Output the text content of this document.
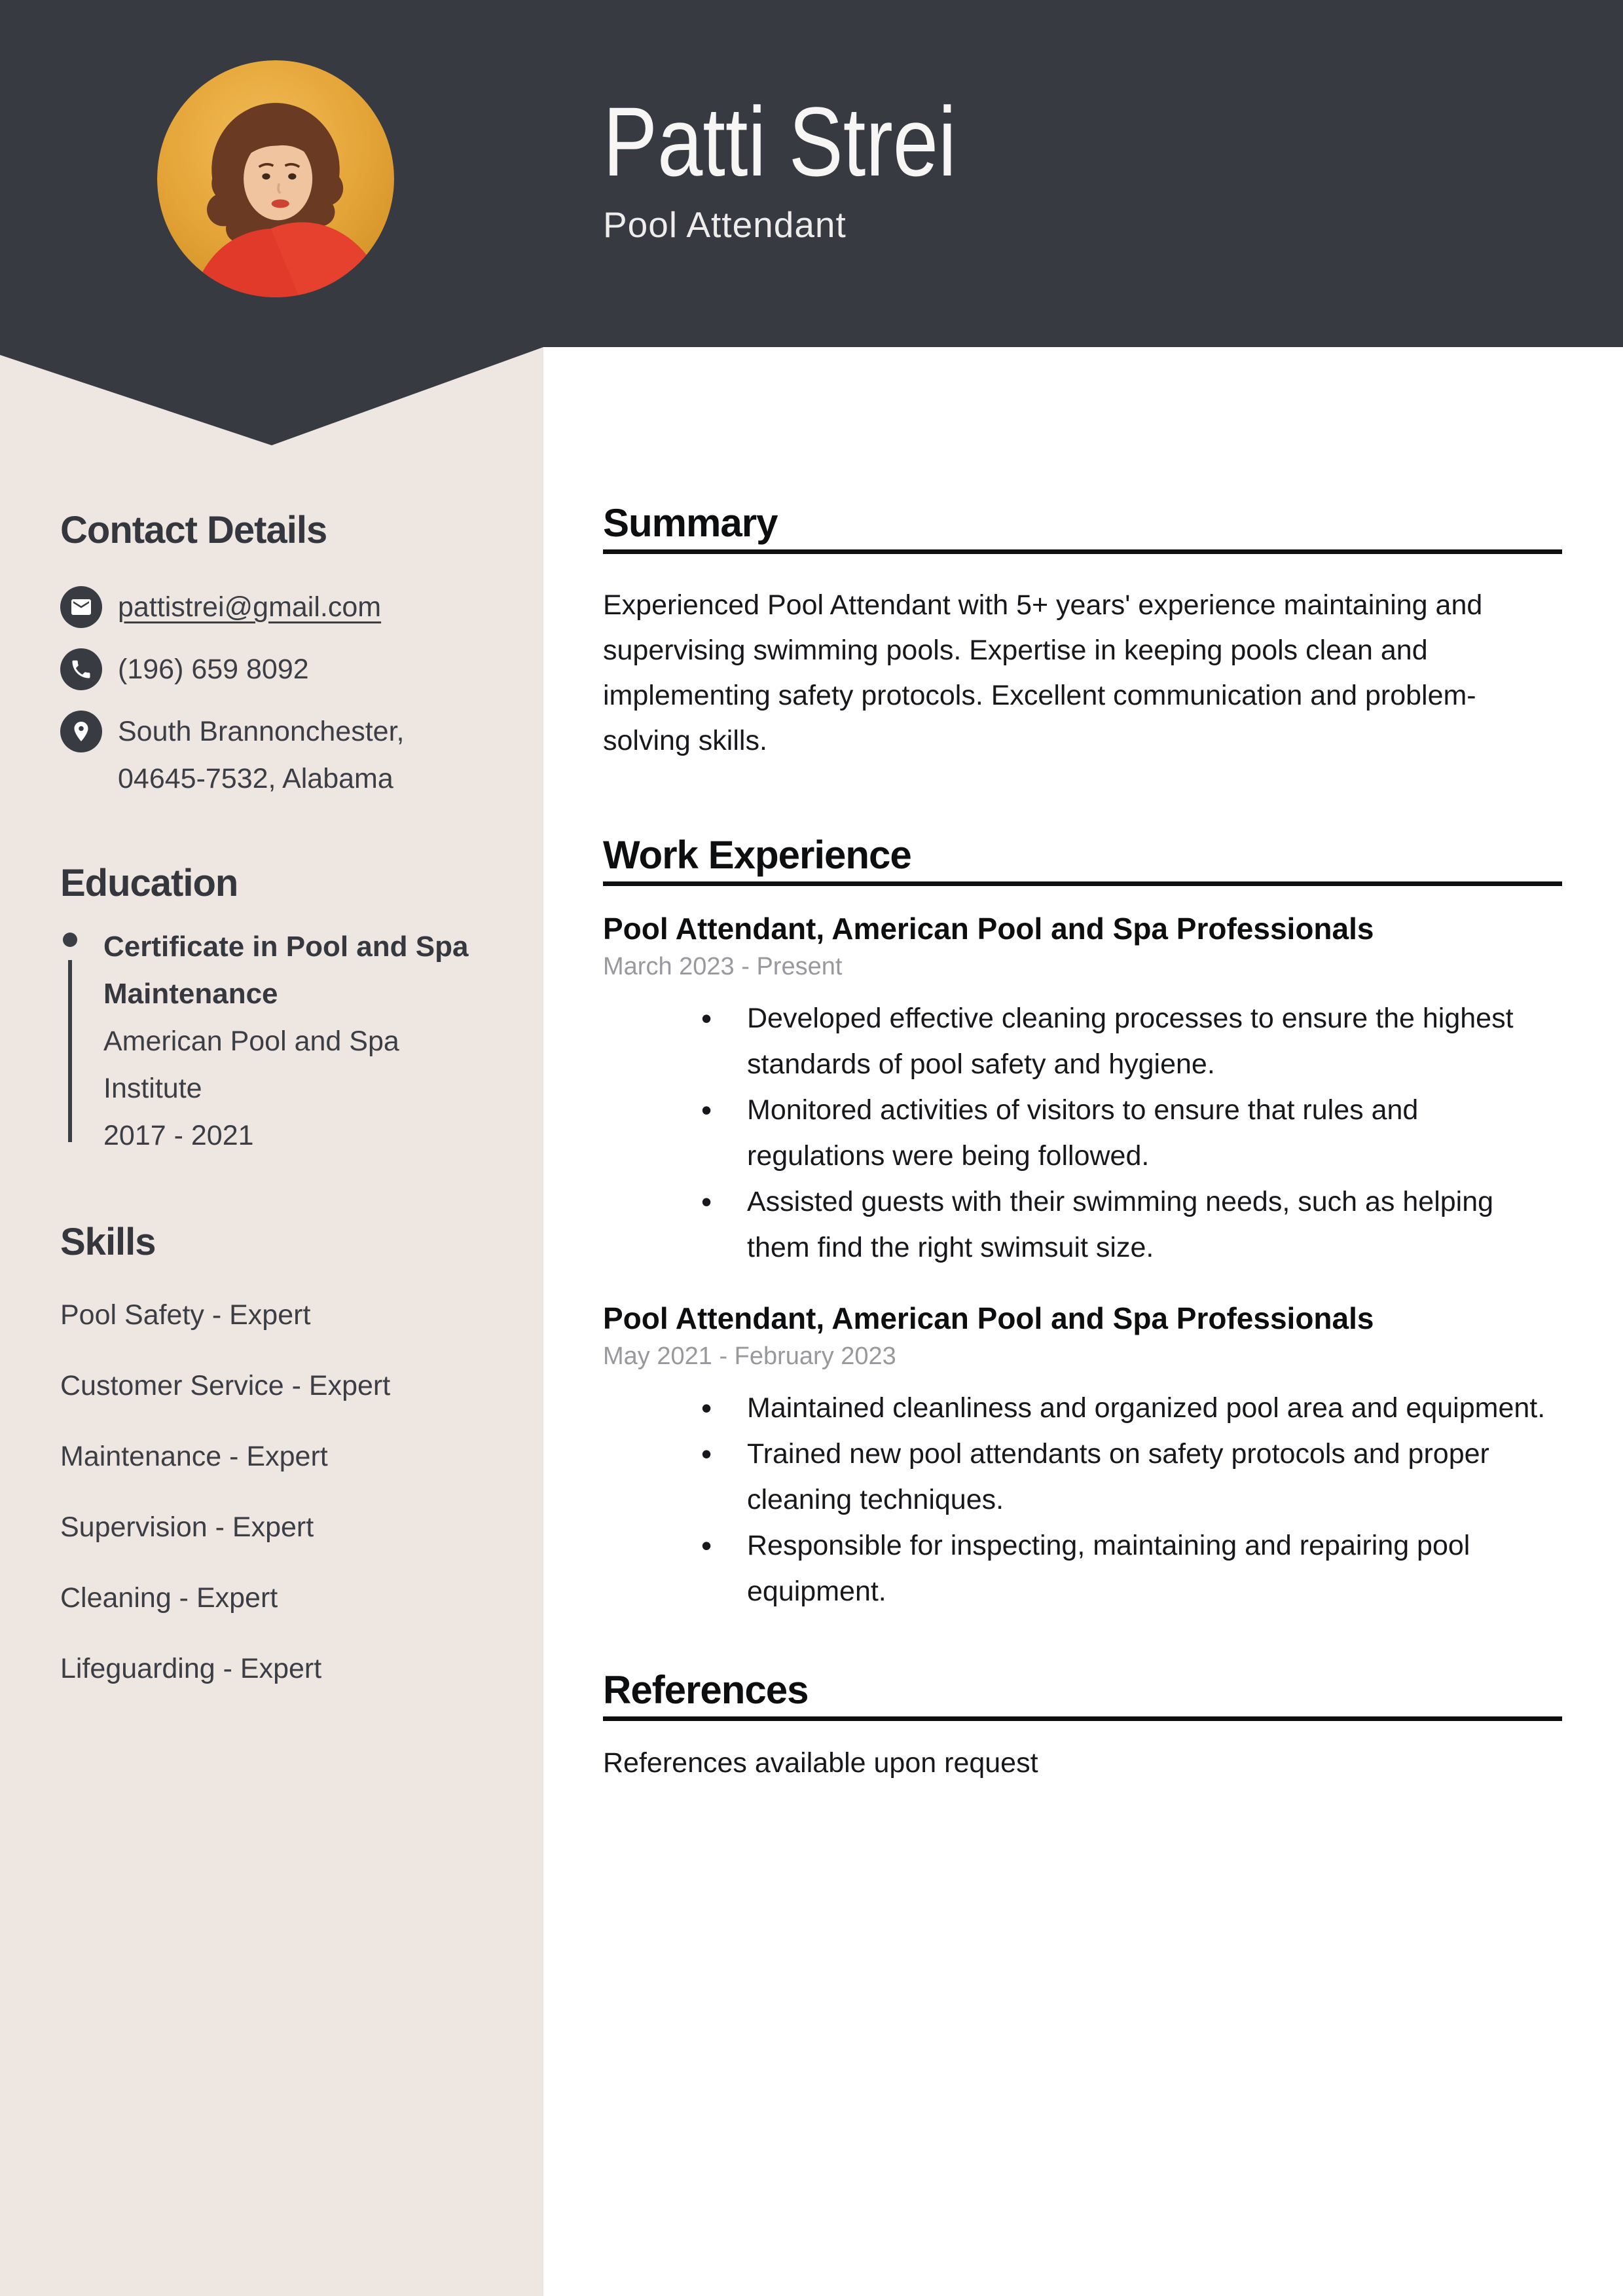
Patti Strei
Pool Attendant
Contact Details
pattistrei@gmail.com
(196) 659 8092
South Brannonchester, 04645-7532, Alabama
Education
Certificate in Pool and Spa Maintenance
American Pool and Spa Institute
2017 - 2021
Skills
Pool Safety - Expert
Customer Service - Expert
Maintenance - Expert
Supervision - Expert
Cleaning - Expert
Lifeguarding - Expert
Summary

Experienced Pool Attendant with 5+ years' experience maintaining and supervising swimming pools. Expertise in keeping pools clean and implementing safety protocols. Excellent communication and problem-solving skills.

Work Experience
Pool Attendant, American Pool and Spa Professionals
March 2023 - Present
• Developed effective cleaning processes to ensure the highest standards of pool safety and hygiene.
• Monitored activities of visitors to ensure that rules and regulations were being followed.
• Assisted guests with their swimming needs, such as helping them find the right swimsuit size.
Pool Attendant, American Pool and Spa Professionals
May 2021 - February 2023
• Maintained cleanliness and organized pool area and equipment.
• Trained new pool attendants on safety protocols and proper cleaning techniques.
• Responsible for inspecting, maintaining and repairing pool equipment.
References

References available upon request
